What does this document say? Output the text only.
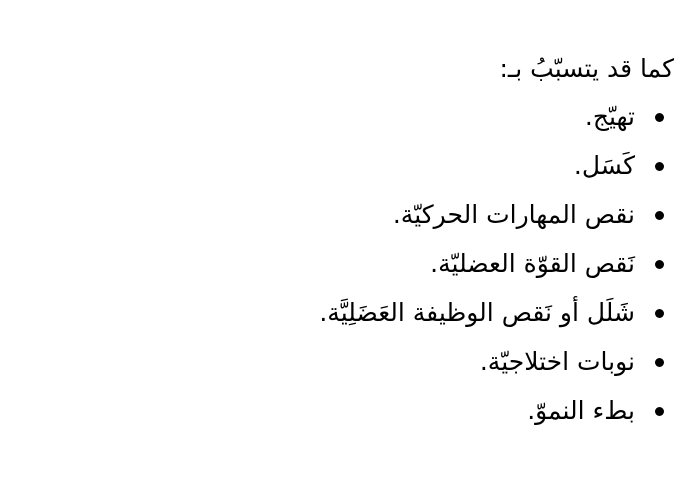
كما قد يتسبّبُ بـ:

تهيّج.
كَسَل.
نقص المهارات الحركيّة.
نَقص القوّة العضليّة.
شَلَل أو نَقص الوظيفة العَضَلِيَّة.
نوبات اختلاجيّة.
بطء النموّ.
